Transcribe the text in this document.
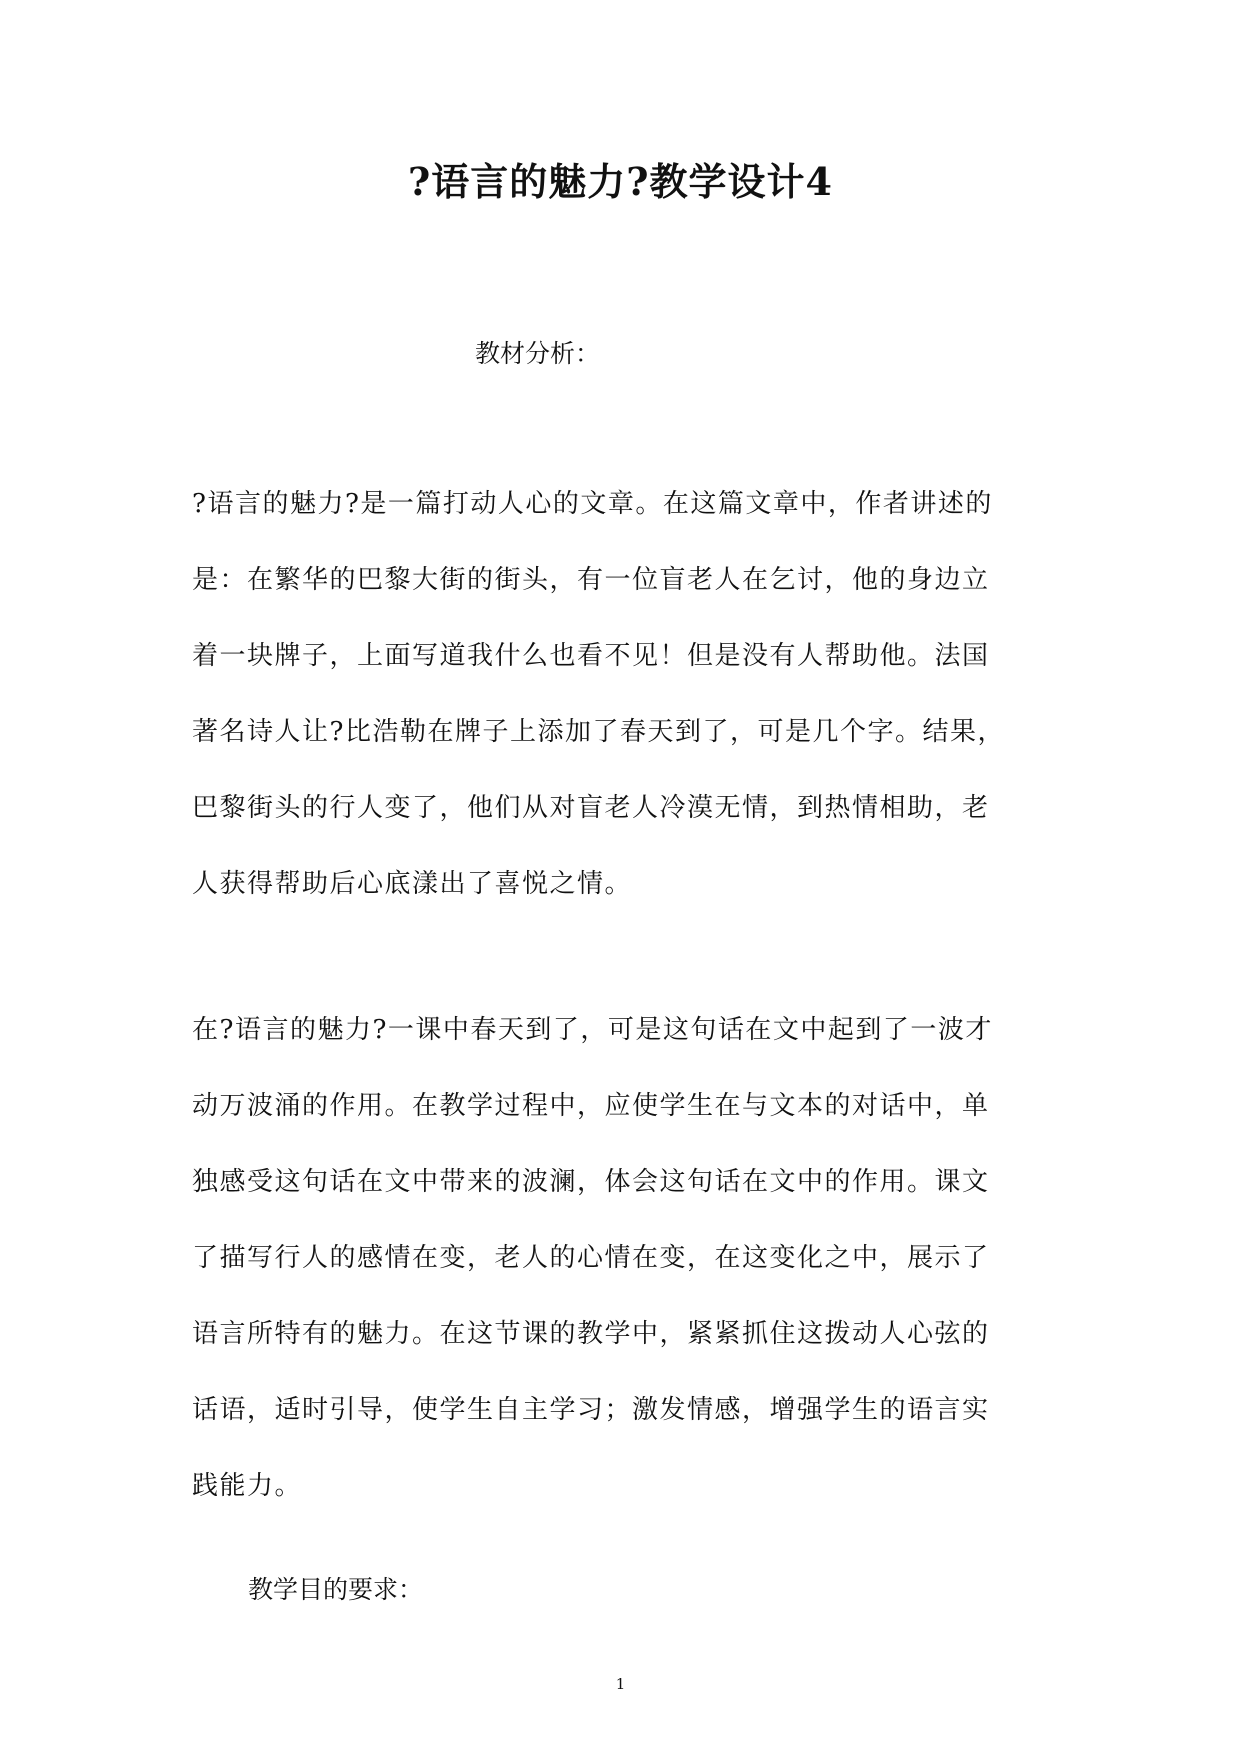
?语言的魅力?教学设计4
教材分析：
?语言的魅力?是一篇打动人心的文章。在这篇文章中，作者讲述的
是：在繁华的巴黎大街的街头，有一位盲老人在乞讨，他的身边立
着一块牌子，上面写道我什么也看不见！但是没有人帮助他。法国
著名诗人让?比浩勒在牌子上添加了春天到了，可是几个字。结果，
巴黎街头的行人变了，他们从对盲老人冷漠无情，到热情相助，老
人获得帮助后心底漾出了喜悦之情。
在?语言的魅力?一课中春天到了，可是这句话在文中起到了一波才
动万波涌的作用。在教学过程中，应使学生在与文本的对话中，单
独感受这句话在文中带来的波澜，体会这句话在文中的作用。课文
了描写行人的感情在变，老人的心情在变，在这变化之中，展示了
语言所特有的魅力。在这节课的教学中，紧紧抓住这拨动人心弦的
话语，适时引导，使学生自主学习；激发情感，增强学生的语言实
践能力。
教学目的要求：
1
